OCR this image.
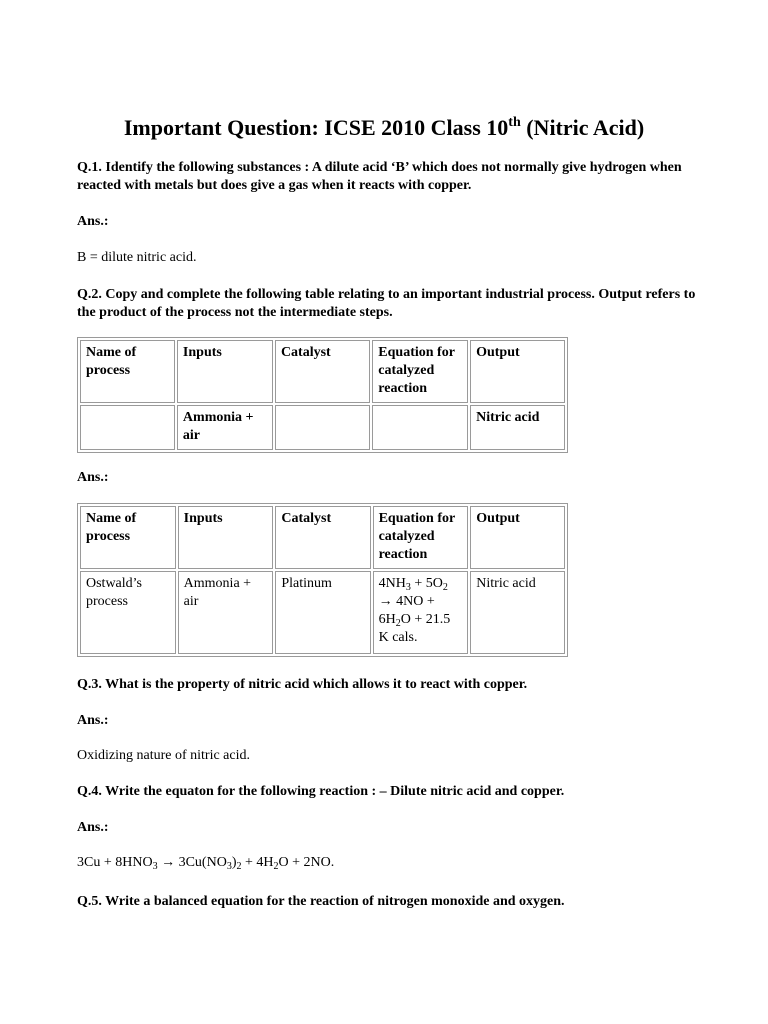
Important Question: ICSE 2010 Class 10th (Nitric Acid)

Q.1. Identify the following substances : A dilute acid ‘B’ which does not normally give hydrogen when reacted with metals but does give a gas when it reacts with copper.

Ans.:

B = dilute nitric acid.

Q.2. Copy and complete the following table relating to an important industrial process. Output refers to the product of the process not the intermediate steps.

Name of process	Inputs	Catalyst	Equation for catalyzed reaction	Output
	Ammonia + air			Nitric acid

Ans.:

Name of process	Inputs	Catalyst	Equation for catalyzed reaction	Output
Ostwald’s process	Ammonia + air	Platinum	$4NH_3 + 5O_2 \to 4NO + 6H_2O + 21.5$ K cals.	Nitric acid

Q.3. What is the property of nitric acid which allows it to react with copper.

Ans.:

Oxidizing nature of nitric acid.

Q.4. Write the equaton for the following reaction : – Dilute nitric acid and copper.

Ans.:

$3Cu + 8HNO_3 \to 3Cu(NO_3)_2 + 4H_2O + 2NO$.

Q.5. Write a balanced equation for the reaction of nitrogen monoxide and oxygen.
